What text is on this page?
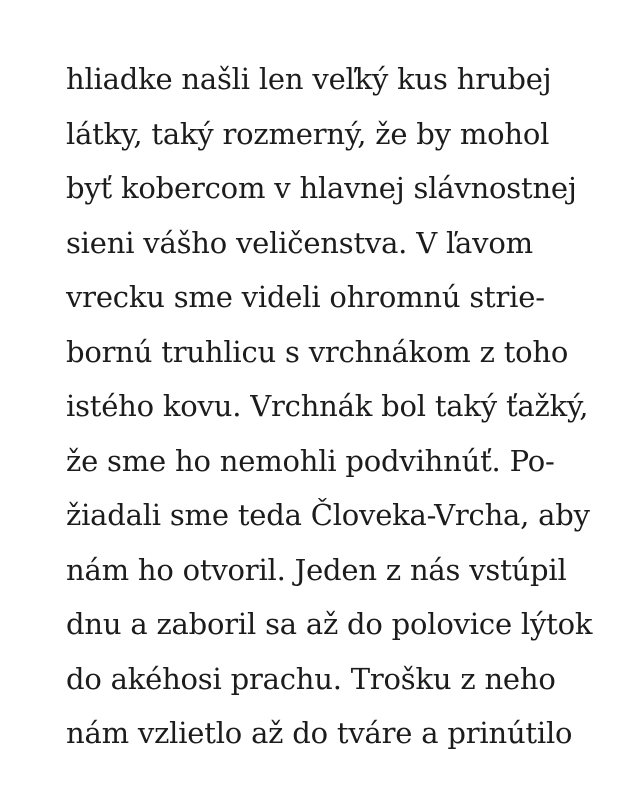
hliadke našli len veľký kus hrubej
látky, taký rozmerný, že by mohol
byť kobercom v hlavnej slávnostnej
sieni vášho veličenstva. V ľavom
vrecku sme videli ohromnú strie-
bornú truhlicu s vrchnákom z toho
istého kovu. Vrchnák bol taký ťažký,
že sme ho nemohli podvihnúť. Po-
žiadali sme teda Človeka-Vrcha, aby
nám ho otvoril. Jeden z nás vstúpil
dnu a zaboril sa až do polovice lýtok
do akéhosi prachu. Trošku z neho
nám vzlietlo až do tváre a prinútilo
